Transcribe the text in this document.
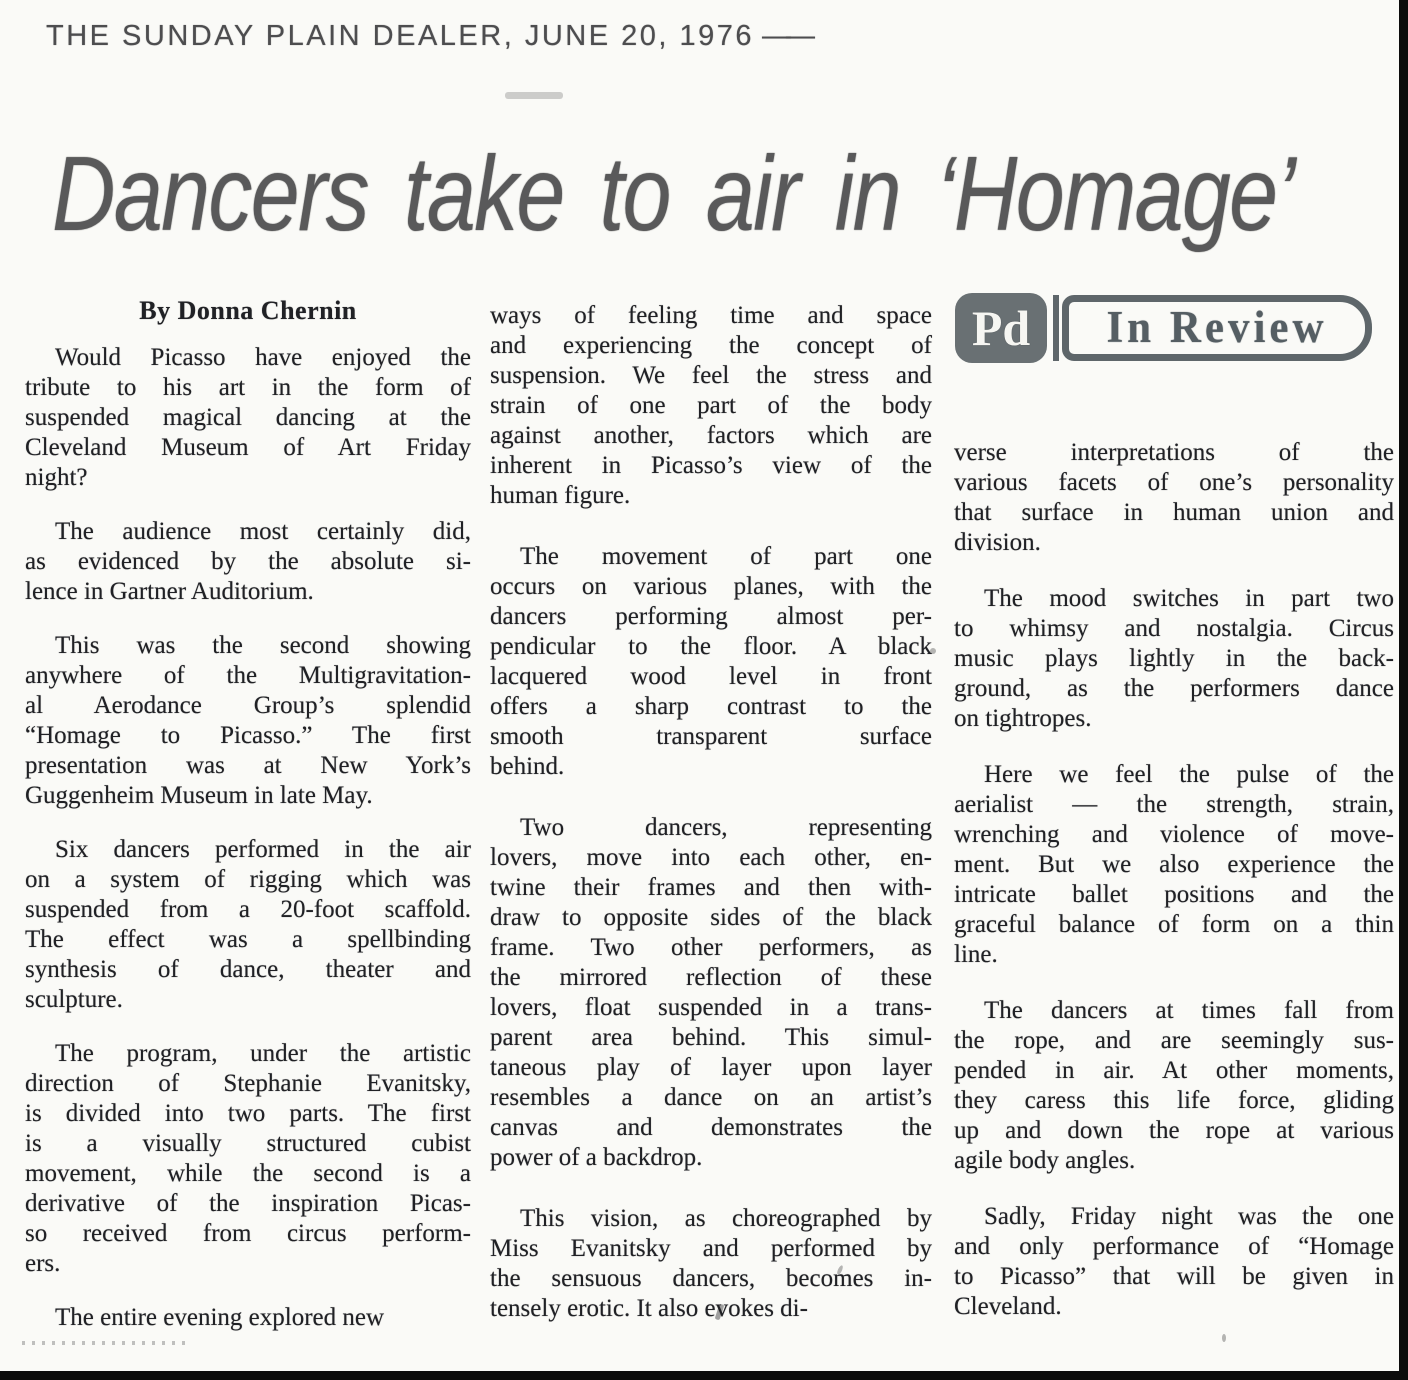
THE SUNDAY PLAIN DEALER, JUNE 20, 1976 ——
Dancers take to air in ‘Homage’
By Donna Chernin
Would Picasso have enjoyed the
tribute to his art in the form of
suspended magical dancing at the
Cleveland Museum of Art Friday
night?
The audience most certainly did,
as evidenced by the absolute si-
lence in Gartner Auditorium.
This was the second showing
anywhere of the Multigravitation-
al Aerodance Group’s splendid
“Homage to Picasso.” The first
presentation was at New York’s
Guggenheim Museum in late May.
Six dancers performed in the air
on a system of rigging which was
suspended from a 20-foot scaffold.
The effect was a spellbinding
synthesis of dance, theater and
sculpture.
The program, under the artistic
direction of Stephanie Evanitsky,
is divided into two parts. The first
is a visually structured cubist
movement, while the second is a
derivative of the inspiration Picas-
so received from circus perform-
ers.
The entire evening explored new
ways of feeling time and space
and experiencing the concept of
suspension. We feel the stress and
strain of one part of the body
against another, factors which are
inherent in Picasso’s view of the
human figure.
The movement of part one
occurs on various planes, with the
dancers performing almost per-
pendicular to the floor. A black
lacquered wood level in front
offers a sharp contrast to the
smooth transparent surface
behind.
Two dancers, representing
lovers, move into each other, en-
twine their frames and then with-
draw to opposite sides of the black
frame. Two other performers, as
the mirrored reflection of these
lovers, float suspended in a trans-
parent area behind. This simul-
taneous play of layer upon layer
resembles a dance on an artist’s
canvas and demonstrates the
power of a backdrop.
This vision, as choreographed by
Miss Evanitsky and performed by
the sensuous dancers, becomes in-
tensely erotic. It also evokes di-
Pd In Review
verse interpretations of the
various facets of one’s personality
that surface in human union and
division.
The mood switches in part two
to whimsy and nostalgia. Circus
music plays lightly in the back-
ground, as the performers dance
on tightropes.
Here we feel the pulse of the
aerialist — the strength, strain,
wrenching and violence of move-
ment. But we also experience the
intricate ballet positions and the
graceful balance of form on a thin
line.
The dancers at times fall from
the rope, and are seemingly sus-
pended in air. At other moments,
they caress this life force, gliding
up and down the rope at various
agile body angles.
Sadly, Friday night was the one
and only performance of “Homage
to Picasso” that will be given in
Cleveland.
